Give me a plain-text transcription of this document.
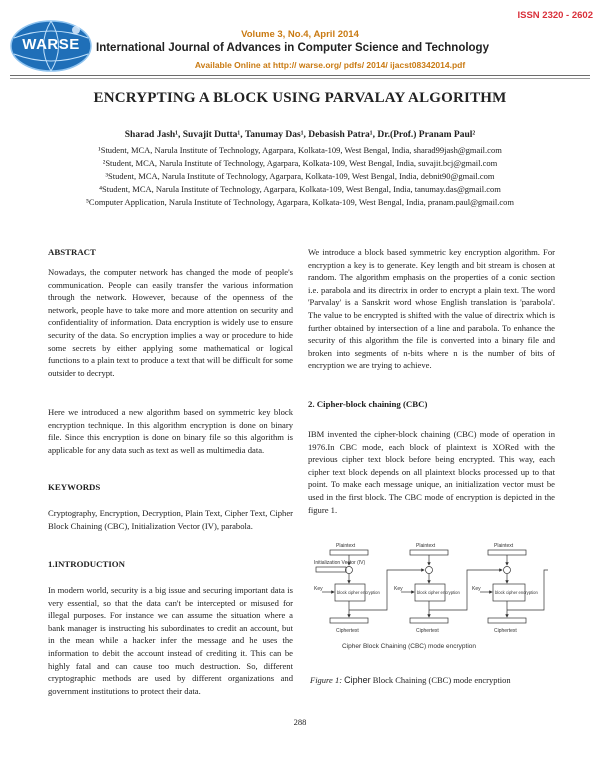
ISSN 2320 - 2602
WARSE
Volume 3, No.4, April 2014
International Journal of Advances in Computer Science and Technology
Available Online at http:// warse.org/ pdfs/ 2014/ ijacst08342014.pdf
ENCRYPTING A BLOCK USING PARVALAY ALGORITHM
Sharad Jash¹, Suvajit Dutta¹, Tanumay Das¹, Debasish Patra¹, Dr.(Prof.) Pranam Paul²
¹Student, MCA, Narula Institute of Technology, Agarpara, Kolkata-109, West Bengal, India, sharad99jash@gmail.com
²Student, MCA, Narula Institute of Technology, Agarpara, Kolkata-109, West Bengal, India, suvajit.bcj@gmail.com
³Student, MCA, Narula Institute of Technology, Agarpara, Kolkata-109, West Bengal, India, debnit90@gmail.com
⁴Student, MCA, Narula Institute of Technology, Agarpara, Kolkata-109, West Bengal, India, tanumay.das@gmail.com
⁵Computer Application, Narula Institute of Technology, Agarpara, Kolkata-109, West Bengal, India, pranam.paul@gmail.com
ABSTRACT

Nowadays, the computer network has changed the mode of people's communication. People can easily transfer the various information through the network. However, because of the openness of the network, people have to take more and more attention on security and confidentiality of information. Data encryption is widely use to ensure security of the data. So encryption implies a way or procedure to hide some secrets by either applying some mathematical or logical functions to a plain text to produce a text that will be difficult for some outsider to decrypt.

Here we introduced a new algorithm based on symmetric key block encryption technique. In this algorithm encryption is done on binary file. Since this encryption is done on binary file so this algorithm is applicable for any data such as text as well as multimedia data.

KEYWORDS

Cryptography, Encryption, Decryption, Plain Text, Cipher Text, Cipher Block Chaining (CBC), Initialization Vector (IV), parabola.

1.INTRODUCTION

In modern world, security is a big issue and securing important data is very essential, so that the data can't be intercepted or misused for illegal purposes. For instance we can assume the situation where a bank manager is instructing his subordinates to credit an account, but in the mean while a hacker infer the message and he uses the information to debit the account instead of crediting it. This can be highly fatal and can cause too much destruction. So, different cryptographic methods are used by different organizations and government institutions to protect their data.

We introduce a block based symmetric key encryption algorithm. For encryption a key is to generate. Key length and bit stream is chosen at random. The algorithm emphasis on the properties of a conic section i.e. parabola and its directrix in order to encrypt a plain text. The word 'Parvalay' is a Sanskrit word whose English translation is 'parabola'. The value to be encrypted is shifted with the value of directrix which is further obtained by intersection of a line and parabola. To enhance the security of this algorithm the file is converted into a binary file and broken into segments of n-bits where n is the number of bits of encryption we are trying to achieve.

2. Cipher-block chaining (CBC)

IBM invented the cipher-block chaining (CBC) mode of operation in 1976.In CBC mode, each block of plaintext is XORed with the previous cipher text block before being encrypted. This way, each cipher text block depends on all plaintext blocks processed up to that point. To make each message unique, an initialization vector must be used in the first block. The CBC mode of encryption is depicted in the figure 1.

Plaintext	Plaintext	Plaintext
Initialization Vector (IV)
Key	Key	Key
block cipher encryption	block cipher encryption	block cipher encryption
Ciphertext	Ciphertext	Ciphertext
Cipher Block Chaining (CBC) mode encryption
Figure 1: Cipher Block Chaining (CBC) mode encryption
288
